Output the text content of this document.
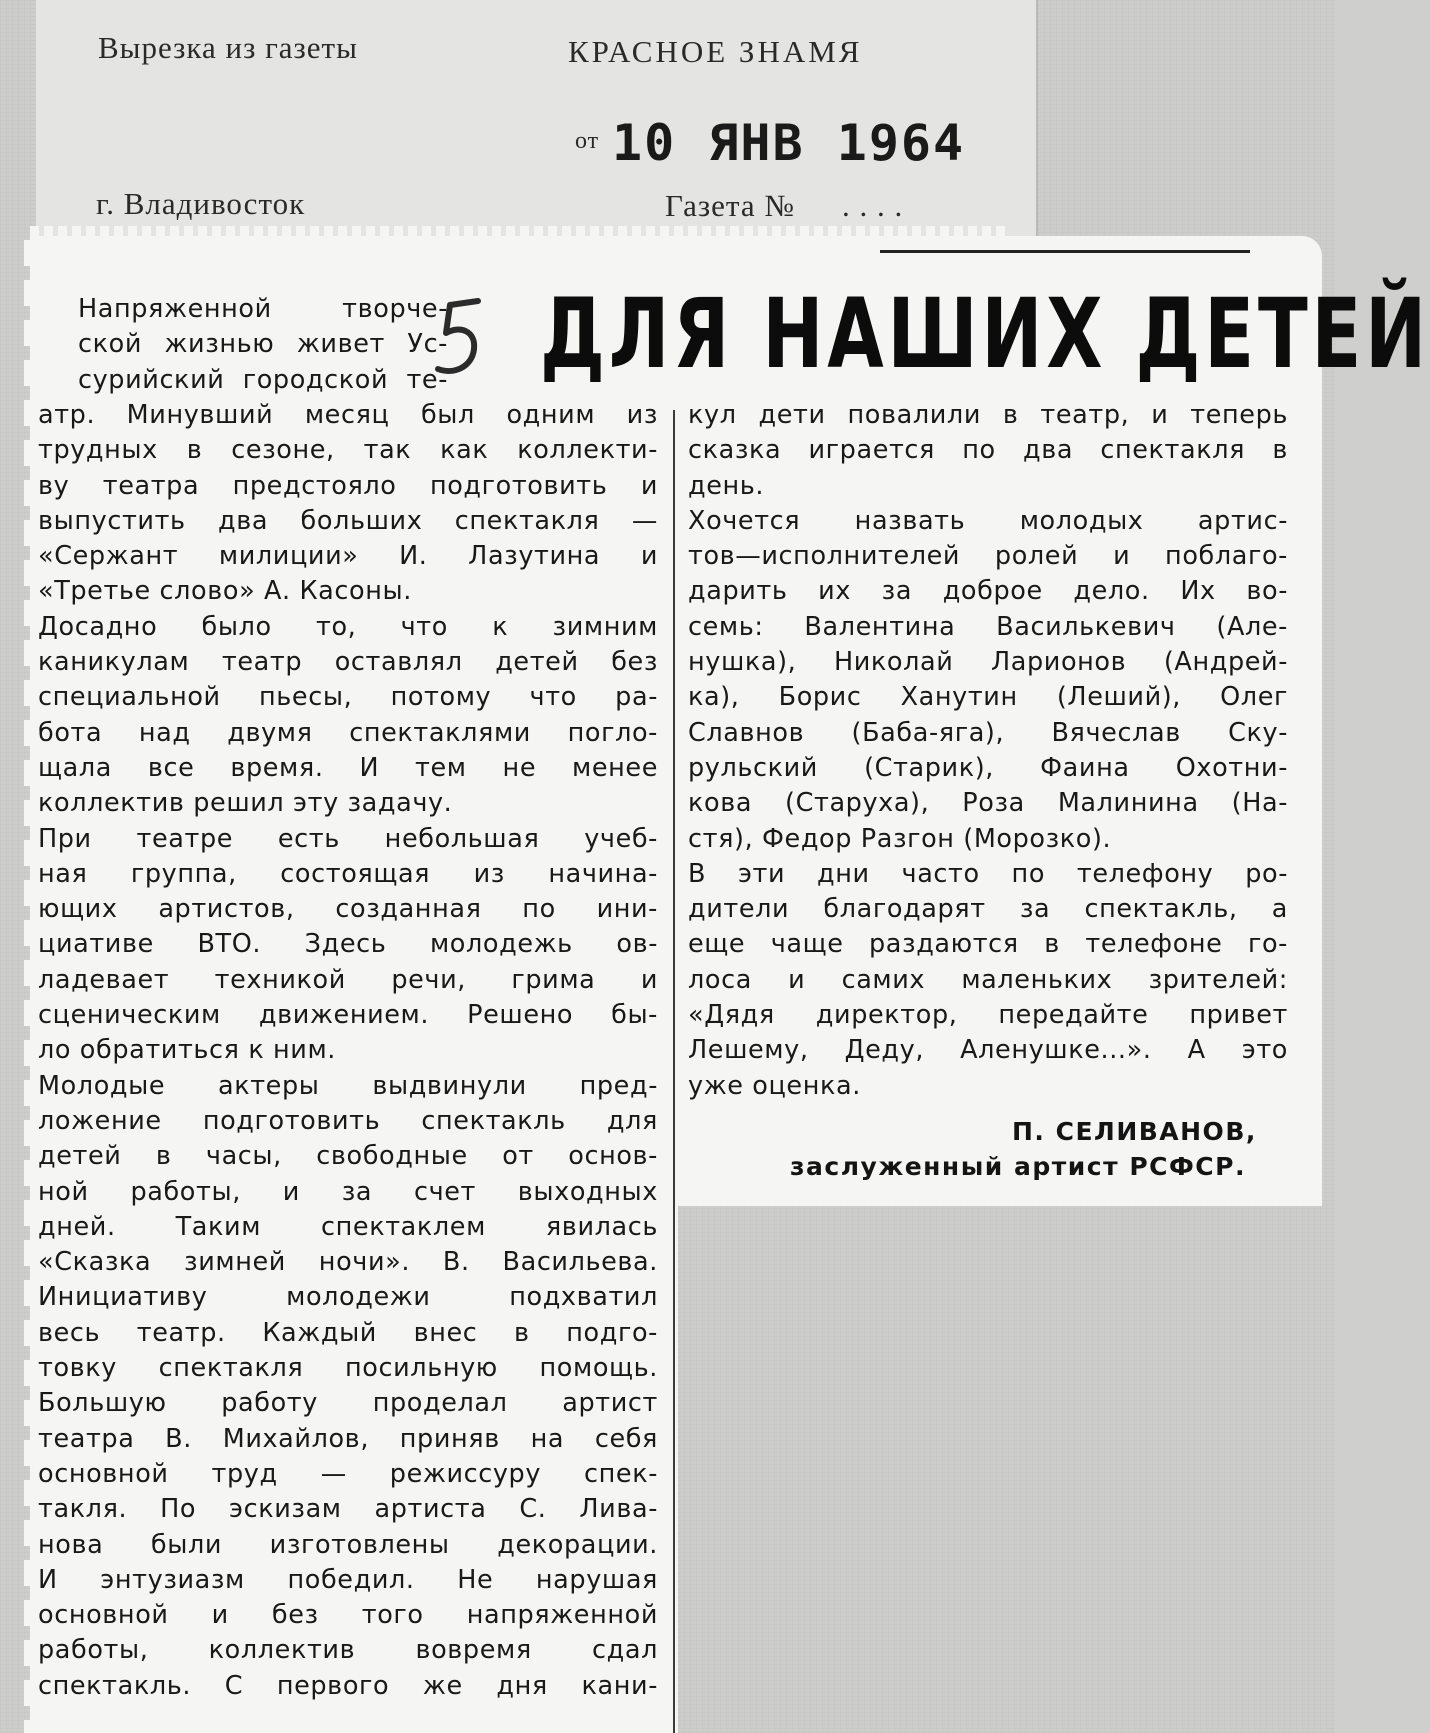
Вырезка из газеты	КРАСНОЕ ЗНАМЯ
от 10 ЯНВ 1964
г. Владивосток	Газета № . . . .
ДЛЯ НАШИХ ДЕТЕЙ
Напряженной творче-
ской жизнью живет Ус-
сурийский городской те-
атр. Минувший месяц был одним из
трудных в сезоне, так как коллекти-
ву театра предстояло подготовить и
выпустить два больших спектакля —
«Сержант милиции» И. Лазутина и
«Третье слово» А. Касоны.
Досадно было то, что к зимним
каникулам театр оставлял детей без
специальной пьесы, потому что ра-
бота над двумя спектаклями погло-
щала все время. И тем не менее
коллектив решил эту задачу.
При театре есть небольшая учеб-
ная группа, состоящая из начина-
ющих артистов, созданная по ини-
циативе ВТО. Здесь молодежь ов-
ладевает техникой речи, грима и
сценическим движением. Решено бы-
ло обратиться к ним.
Молодые актеры выдвинули пред-
ложение подготовить спектакль для
детей в часы, свободные от основ-
ной работы, и за счет выходных
дней. Таким спектаклем явилась
«Сказка зимней ночи». В. Васильева.
Инициативу молодежи подхватил
весь театр. Каждый внес в подго-
товку спектакля посильную помощь.
Большую работу проделал артист
театра В. Михайлов, приняв на себя
основной труд — режиссуру спек-
такля. По эскизам артиста С. Лива-
нова были изготовлены декорации.
И энтузиазм победил. Не нарушая
основной и без того напряженной
работы, коллектив вовремя сдал
спектакль. С первого же дня кани-
кул дети повалили в театр, и теперь
сказка играется по два спектакля в
день.
Хочется назвать молодых артис-
тов—исполнителей ролей и поблаго-
дарить их за доброе дело. Их во-
семь: Валентина Василькевич (Але-
нушка), Николай Ларионов (Андрей-
ка), Борис Ханутин (Леший), Олег
Славнов (Баба-яга), Вячеслав Ску-
рульский (Старик), Фаина Охотни-
кова (Старуха), Роза Малинина (На-
стя), Федор Разгон (Морозко).
В эти дни часто по телефону ро-
дители благодарят за спектакль, а
еще чаще раздаются в телефоне го-
лоса и самих маленьких зрителей:
«Дядя директор, передайте привет
Лешему, Деду, Аленушке...». А это
уже оценка.
П. СЕЛИВАНОВ,
заслуженный артист РСФСР.
